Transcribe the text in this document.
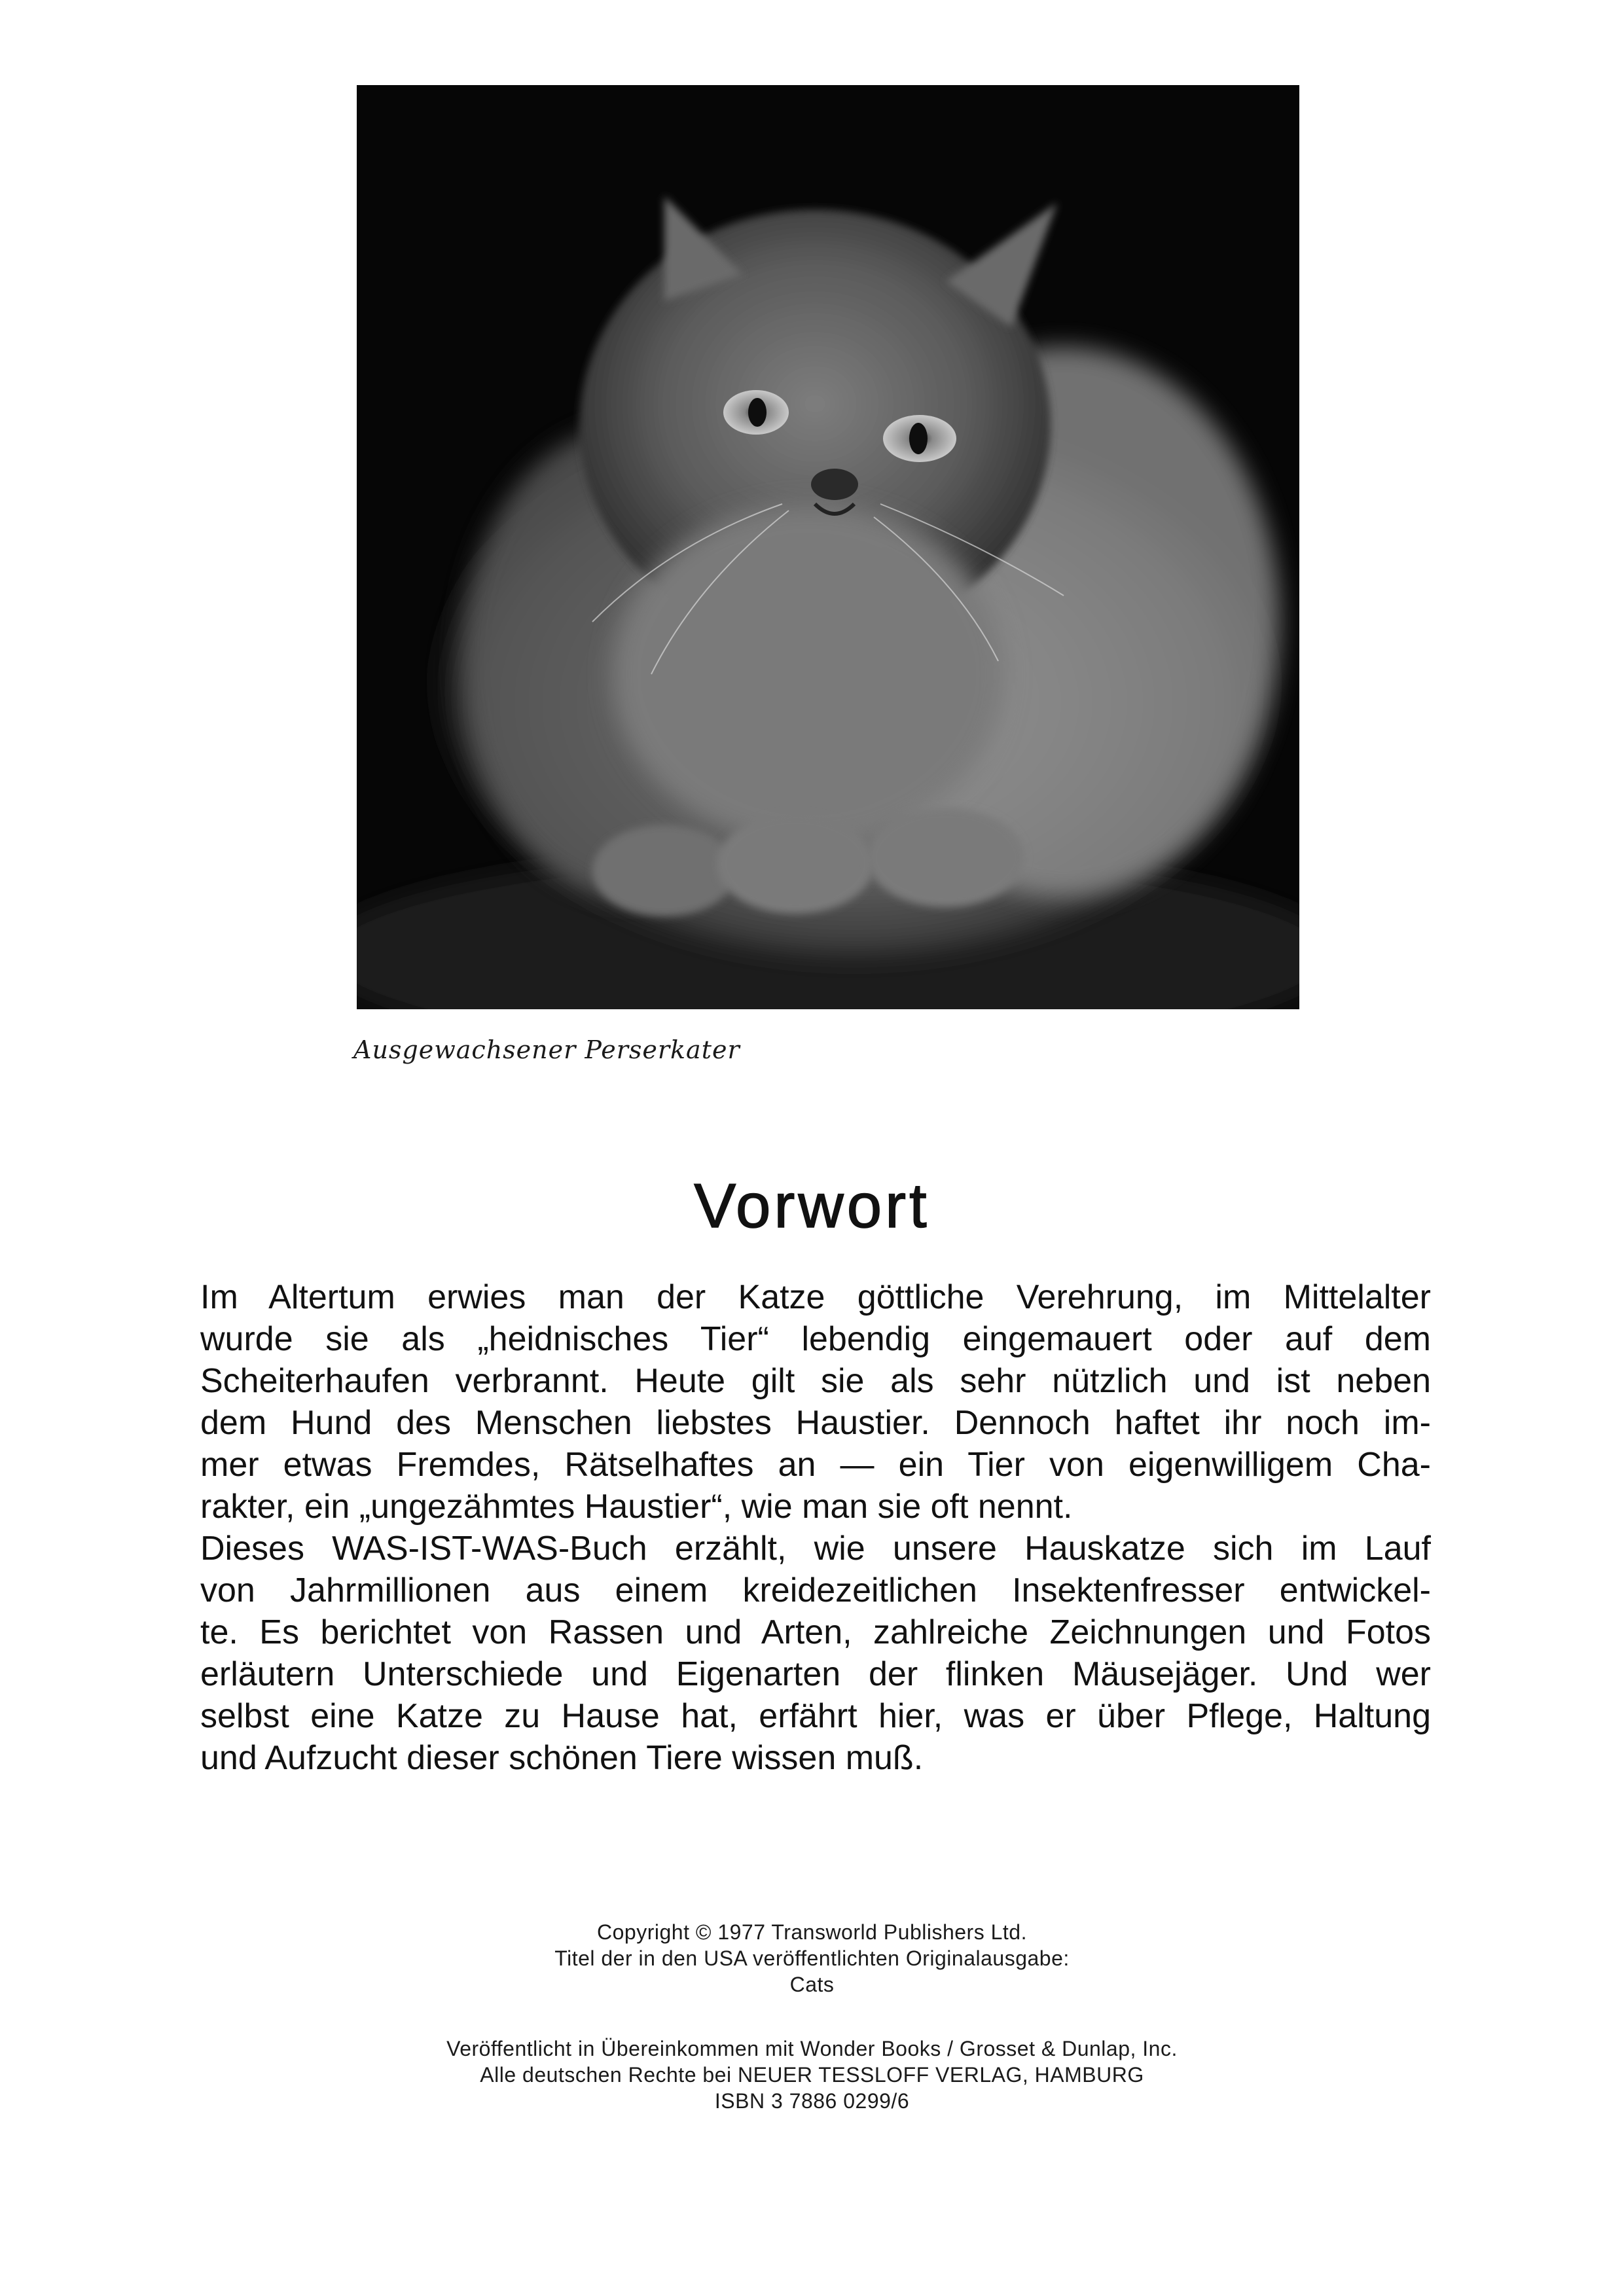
Ausgewachsener Perserkater
Vorwort
Im Altertum erwies man der Katze göttliche Verehrung, im Mittelalter
wurde sie als „heidnisches Tier“ lebendig eingemauert oder auf dem
Scheiterhaufen verbrannt. Heute gilt sie als sehr nützlich und ist neben
dem Hund des Menschen liebstes Haustier. Dennoch haftet ihr noch im-
mer etwas Fremdes, Rätselhaftes an — ein Tier von eigenwilligem Cha-
rakter, ein „ungezähmtes Haustier“, wie man sie oft nennt.
Dieses WAS-IST-WAS-Buch erzählt, wie unsere Hauskatze sich im Lauf
von Jahrmillionen aus einem kreidezeitlichen Insektenfresser entwickel-
te. Es berichtet von Rassen und Arten, zahlreiche Zeichnungen und Fotos
erläutern Unterschiede und Eigenarten der flinken Mäusejäger. Und wer
selbst eine Katze zu Hause hat, erfährt hier, was er über Pflege, Haltung
und Aufzucht dieser schönen Tiere wissen muß.
Copyright © 1977 Transworld Publishers Ltd.
Titel der in den USA veröffentlichten Originalausgabe:
Cats
Veröffentlicht in Übereinkommen mit Wonder Books / Grosset & Dunlap, Inc.
Alle deutschen Rechte bei NEUER TESSLOFF VERLAG, HAMBURG
ISBN 3 7886 0299/6
